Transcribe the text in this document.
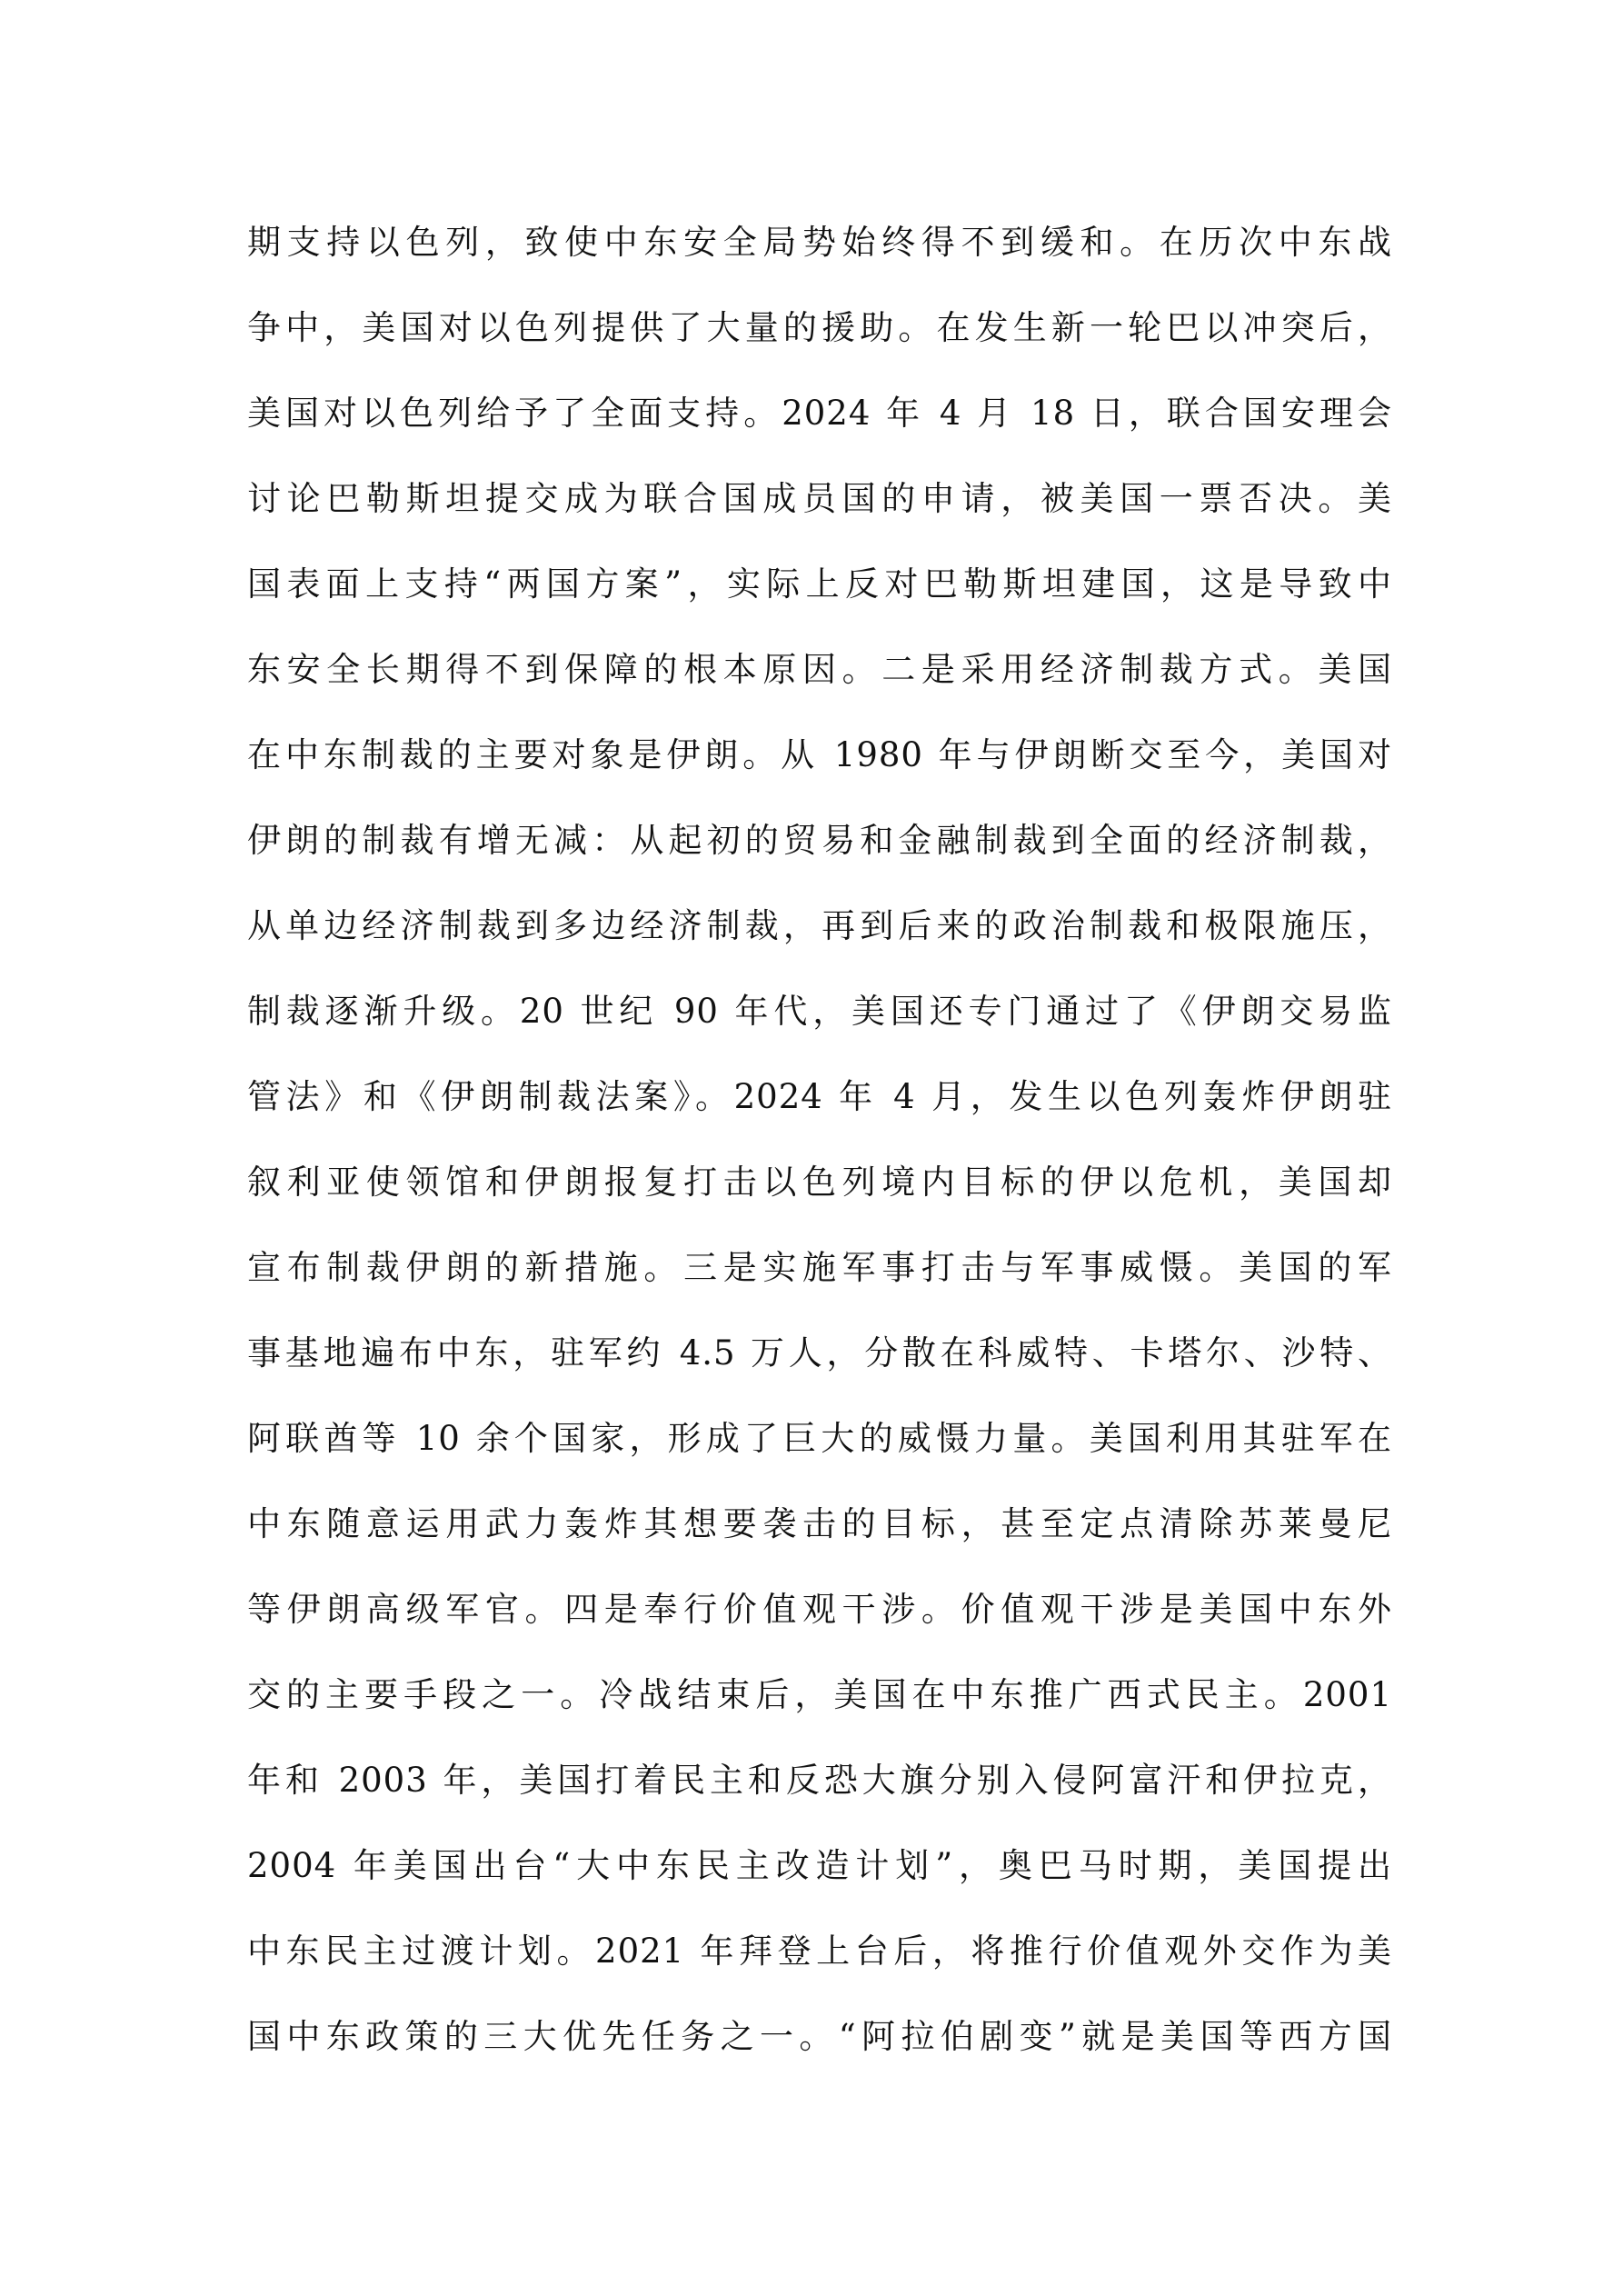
期支持以色列，致使中东安全局势始终得不到缓和。在历次中东战
争中，美国对以色列提供了大量的援助。在发生新一轮巴以冲突后，
美国对以色列给予了全面支持。2024 年 4 月 18 日，联合国安理会
讨论巴勒斯坦提交成为联合国成员国的申请，被美国一票否决。美
国表面上支持“两国方案”，实际上反对巴勒斯坦建国，这是导致中
东安全长期得不到保障的根本原因。二是采用经济制裁方式。美国
在中东制裁的主要对象是伊朗。从 1980 年与伊朗断交至今，美国对
伊朗的制裁有增无减：从起初的贸易和金融制裁到全面的经济制裁，
从单边经济制裁到多边经济制裁，再到后来的政治制裁和极限施压，
制裁逐渐升级。20 世纪 90 年代，美国还专门通过了《伊朗交易监
管法》和《伊朗制裁法案》。2024 年 4 月，发生以色列轰炸伊朗驻
叙利亚使领馆和伊朗报复打击以色列境内目标的伊以危机，美国却
宣布制裁伊朗的新措施。三是实施军事打击与军事威慑。美国的军
事基地遍布中东，驻军约 4.5 万人，分散在科威特、卡塔尔、沙特、
阿联酋等 10 余个国家，形成了巨大的威慑力量。美国利用其驻军在
中东随意运用武力轰炸其想要袭击的目标，甚至定点清除苏莱曼尼
等伊朗高级军官。四是奉行价值观干涉。价值观干涉是美国中东外
交的主要手段之一。冷战结束后，美国在中东推广西式民主。2001
年和 2003 年，美国打着民主和反恐大旗分别入侵阿富汗和伊拉克，
2004 年美国出台“大中东民主改造计划”，奥巴马时期，美国提出
中东民主过渡计划。2021 年拜登上台后，将推行价值观外交作为美
国中东政策的三大优先任务之一。“阿拉伯剧变”就是美国等西方国
